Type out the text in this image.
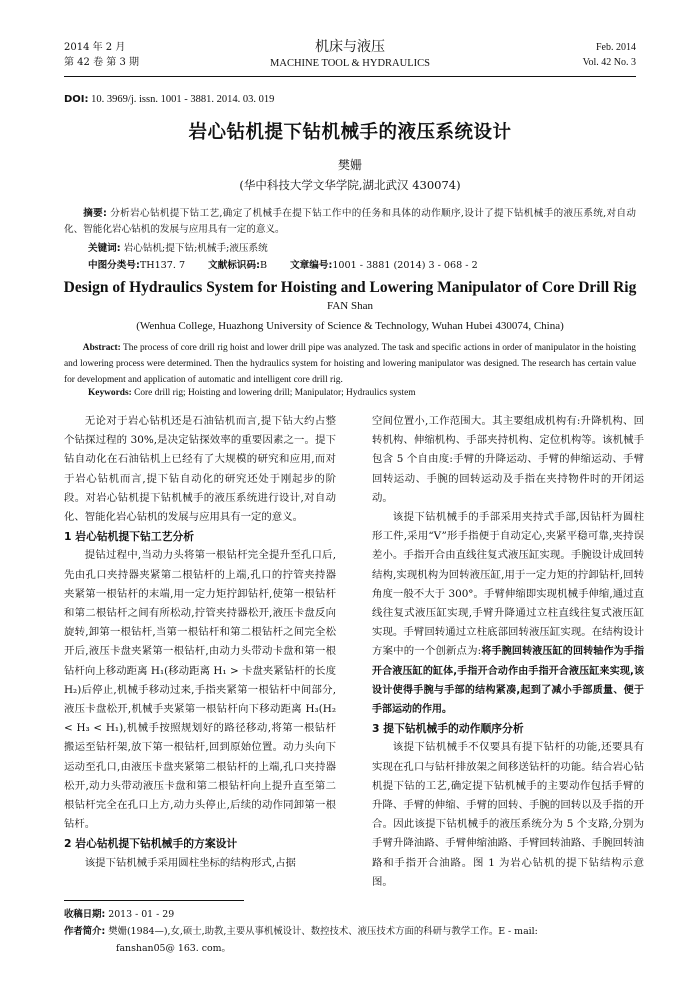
2014 年 2 月
第 42 卷 第 3 期
机床与液压
MACHINE TOOL & HYDRAULICS
Feb. 2014
Vol. 42 No. 3
DOI: 10. 3969/j. issn. 1001 - 3881. 2014. 03. 019
岩心钻机提下钻机械手的液压系统设计
樊姗
(华中科技大学文华学院,湖北武汉 430074)
摘要: 分析岩心钻机提下钻工艺,确定了机械手在提下钻工作中的任务和具体的动作顺序,设计了提下钻机械手的液压系统,对自动化、智能化岩心钻机的发展与应用具有一定的意义。
关键词: 岩心钻机;提下钻;机械手;液压系统
中图分类号:TH137. 7 文献标识码:B 文章编号:1001 - 3881 (2014) 3 - 068 - 2
Design of Hydraulics System for Hoisting and Lowering Manipulator of Core Drill Rig
FAN Shan
(Wenhua College, Huazhong University of Science & Technology, Wuhan Hubei 430074, China)
Abstract: The process of core drill rig hoist and lower drill pipe was analyzed. The task and specific actions in order of manipulator in the hoisting and lowering process were determined. Then the hydraulics system for hoisting and lowering manipulator was designed. The research has certain value for development and application of automatic and intelligent core drill rig.
Keywords: Core drill rig; Hoisting and lowering drill; Manipulator; Hydraulics system

无论对于岩心钻机还是石油钻机而言,提下钻大约占整个钻探过程的 30%,是决定钻探效率的重要因素之一。提下钻自动化在石油钻机上已经有了大规模的研究和应用,而对于岩心钻机而言,提下钻自动化的研究还处于刚起步的阶段。对岩心钻机提下钻机械手的液压系统进行设计,对自动化、智能化岩心钻机的发展与应用具有一定的意义。

1 岩心钻机提下钻工艺分析

提钻过程中,当动力头将第一根钻杆完全提升至孔口后,先由孔口夹持器夹紧第二根钻杆的上端,孔口的拧管夹持器夹紧第一根钻杆的末端,用一定力矩拧卸钻杆,使第一根钻杆和第二根钻杆之间有所松动,拧管夹持器松开,液压卡盘反向旋转,卸第一根钻杆,当第一根钻杆和第二根钻杆之间完全松开后,液压卡盘夹紧第一根钻杆,由动力头带动卡盘和第一根钻杆向上移动距离 H₁(移动距离 H₁ > 卡盘夹紧钻杆的长度 H₂)后停止,机械手移动过来,手指夹紧第一根钻杆中间部分,液压卡盘松开,机械手夹紧第一根钻杆向下移动距离 H₃(H₂ < H₃ < H₁),机械手按照规划好的路径移动,将第一根钻杆搬运至钻杆架,放下第一根钻杆,回到原始位置。动力头向下运动至孔口,由液压卡盘夹紧第二根钻杆的上端,孔口夹持器松开,动力头带动液压卡盘和第二根钻杆向上提升直至第二根钻杆完全在孔口上方,动力头停止,后续的动作同卸第一根钻杆。

2 岩心钻机提下钻机械手的方案设计

该提下钻机械手采用圆柱坐标的结构形式,占据

空间位置小,工作范围大。其主要组成机构有:升降机构、回转机构、伸缩机构、手部夹持机构、定位机构等。该机械手包含 5 个自由度:手臂的升降运动、手臂的伸缩运动、手臂回转运动、手腕的回转运动及手指在夹持物件时的开闭运动。

该提下钻机械手的手部采用夹持式手部,因钻杆为圆柱形工件,采用“V”形手指便于自动定心,夹紧平稳可靠,夹持误差小。手指开合由直线往复式液压缸实现。手腕设计成回转结构,实现机构为回转液压缸,用于一定力矩的拧卸钻杆,回转角度一般不大于 300°。手臂伸缩即实现机械手伸缩,通过直线往复式液压缸实现,手臂升降通过立柱直线往复式液压缸实现。手臂回转通过立柱底部回转液压缸实现。在结构设计方案中的一个创新点为:将手腕回转液压缸的回转轴作为手指开合液压缸的缸体,手指开合动作由手指开合液压缸来实现,该设计使得手腕与手部的结构紧凑,起到了减小手部质量、便于手部运动的作用。

3 提下钻机械手的动作顺序分析

该提下钻机械手不仅要具有提下钻杆的功能,还要具有实现在孔口与钻杆排放架之间移送钻杆的功能。结合岩心钻机提下钻的工艺,确定提下钻机械手的主要动作包括手臂的升降、手臂的伸缩、手臂的回转、手腕的回转以及手指的开合。因此该提下钻机械手的液压系统分为 5 个支路,分别为手臂升降油路、手臂伸缩油路、手臂回转油路、手腕回转油路和手指开合油路。图 1 为岩心钻机的提下钻结构示意图。

收稿日期: 2013 - 01 - 29
作者简介: 樊姗(1984—),女,硕士,助教,主要从事机械设计、数控技术、液压技术方面的科研与教学工作。E - mail:
fanshan05@ 163. com。
